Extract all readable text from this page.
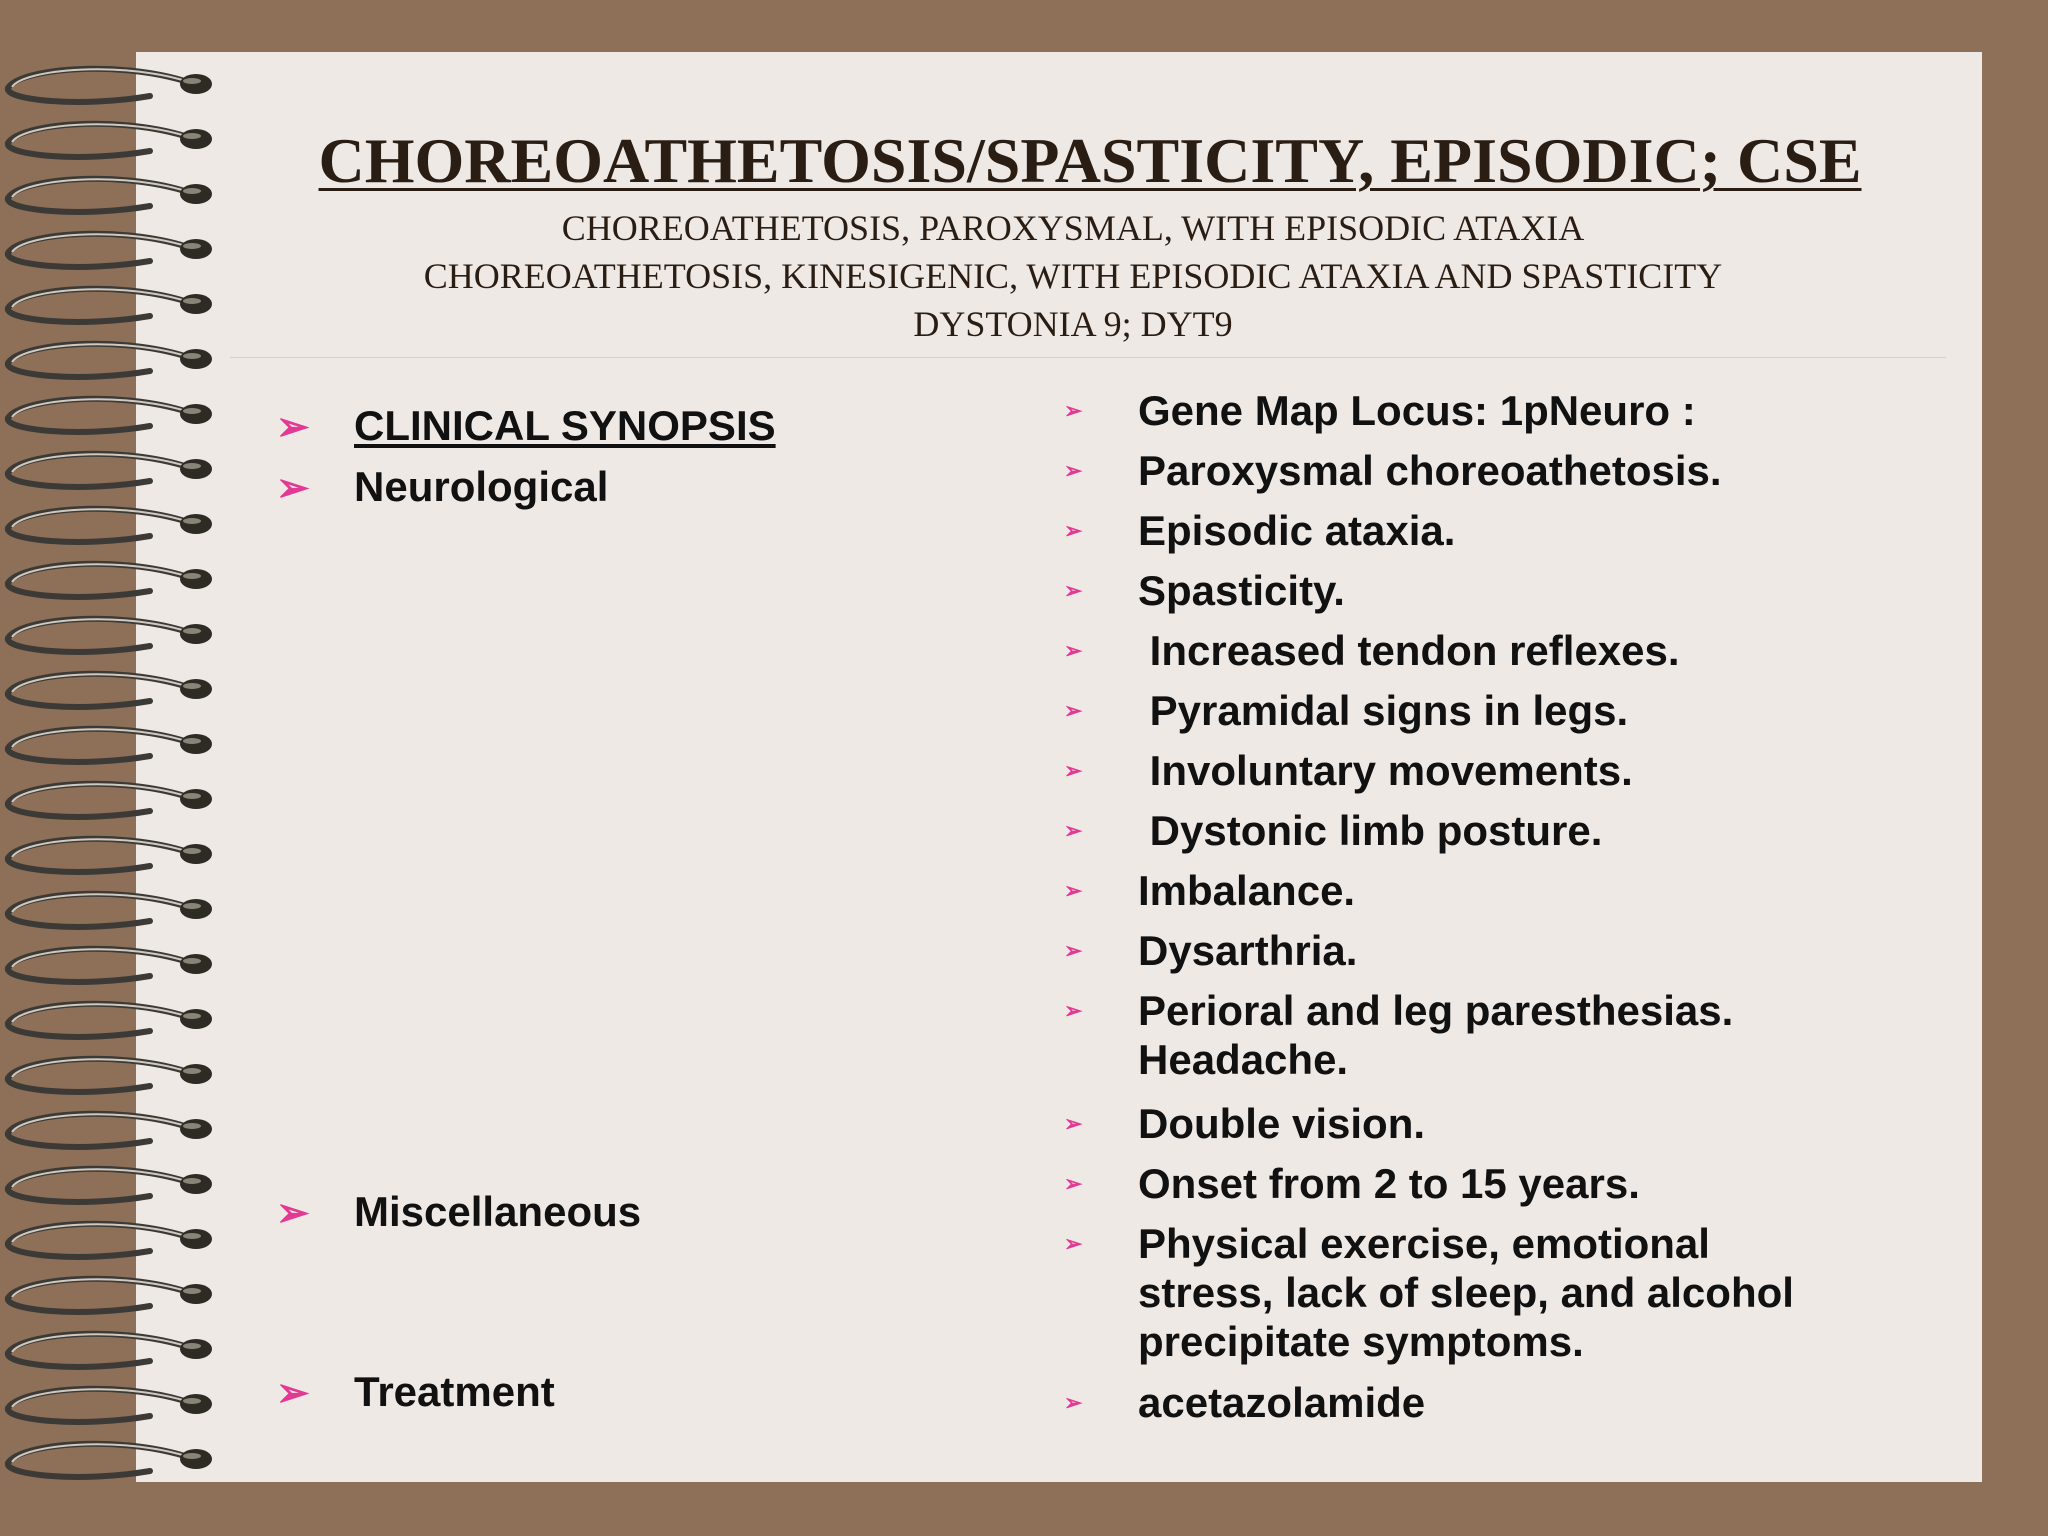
CHOREOATHETOSIS/SPASTICITY, EPISODIC; CSE
CHOREOATHETOSIS, PAROXYSMAL, WITH EPISODIC ATAXIA
CHOREOATHETOSIS, KINESIGENIC, WITH EPISODIC ATAXIA AND SPASTICITY
DYSTONIA 9; DYT9
➢ CLINICAL SYNOPSIS
➢ Neurological
➢ Miscellaneous
➢ Treatment
➢	Gene Map Locus: 1pNeuro :
➢	Paroxysmal choreoathetosis.
➢	Episodic ataxia.
➢	Spasticity.
➢	Increased tendon reflexes.
➢	Pyramidal signs in legs.
➢	Involuntary movements.
➢	Dystonic limb posture.
➢	Imbalance.
➢	Dysarthria.
➢	Perioral and leg paresthesias. Headache.
➢	Double vision.
➢	Onset from 2 to 15 years.
➢	Physical exercise, emotional stress, lack of sleep, and alcohol precipitate symptoms.
➢	acetazolamide
